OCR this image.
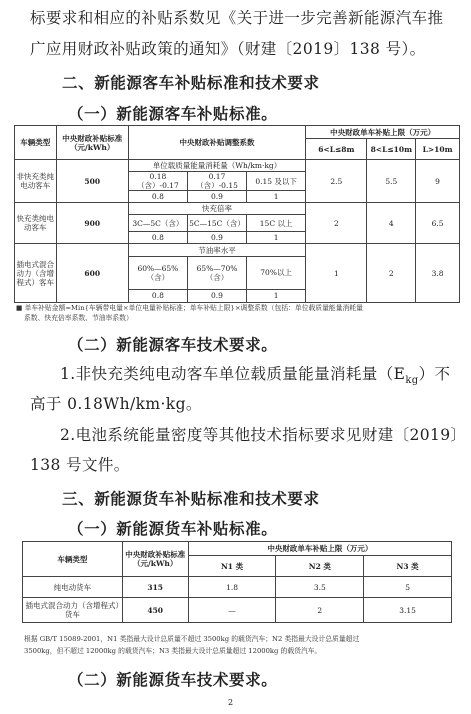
标要求和相应的补贴系数见《关于进一步完善新能源汽车推
广应用财政补贴政策的通知》（财建〔2019〕138 号）。
二、新能源客车补贴标准和技术要求
（一）新能源客车补贴标准。
车辆类型	中央财政补贴标准（元/kWh）	中央财政补贴调整系数			中央财政单车补贴上限（万元）		
					6<L≤8m	8<L≤10m	L>10m
非快充类纯电动客车	500	单位载质量能量消耗量（Wh/km·kg）			2.5	5.5	9
		0.18（含）-0.17	0.17（含）-0.15	0.15 及以下			
		0.8	0.9	1			
快充类纯电动客车	900	快充倍率			2	4	6.5
		3C—5C（含）	5C—15C（含）	15C 以上			
		0.8	0.9	1			
插电式混合动力（含增程式）客车	600	节油率水平			1	2	3.8
		60%—65%（含）	65%—70%（含）	70%以上			
		0.8	0.9	1			
■ 单车补贴金额=Min{车辆带电量×单位电量补贴标准；单车补贴上限}×调整系数（包括：单位载质量能量消耗量
系数、快充倍率系数、节油率系数）
（二）新能源客车技术要求。
1.非快充类纯电动客车单位载质量能量消耗量$(E_{kg})$不
高于 0.18Wh/km·kg。
2.电池系统能量密度等其他技术指标要求见财建〔2019〕
138 号文件。
三、新能源货车补贴标准和技术要求
（一）新能源货车补贴标准。
车辆类型	中央财政补贴标准（元/kWh）	中央财政单车补贴上限（万元）		
		N1 类	N2 类	N3 类
纯电动货车	315	1.8	3.5	5
插电式混合动力（含增程式）货车	450	—	2	3.15
根据 GB/T 15089-2001，N1 类指最大设计总质量不超过 3500kg 的载货汽车；N2 类指最大设计总质量超过
3500kg，但不超过 12000kg 的载货汽车；N3 类指最大设计总质量超过 12000kg 的载货汽车。
（二）新能源货车技术要求。
2
